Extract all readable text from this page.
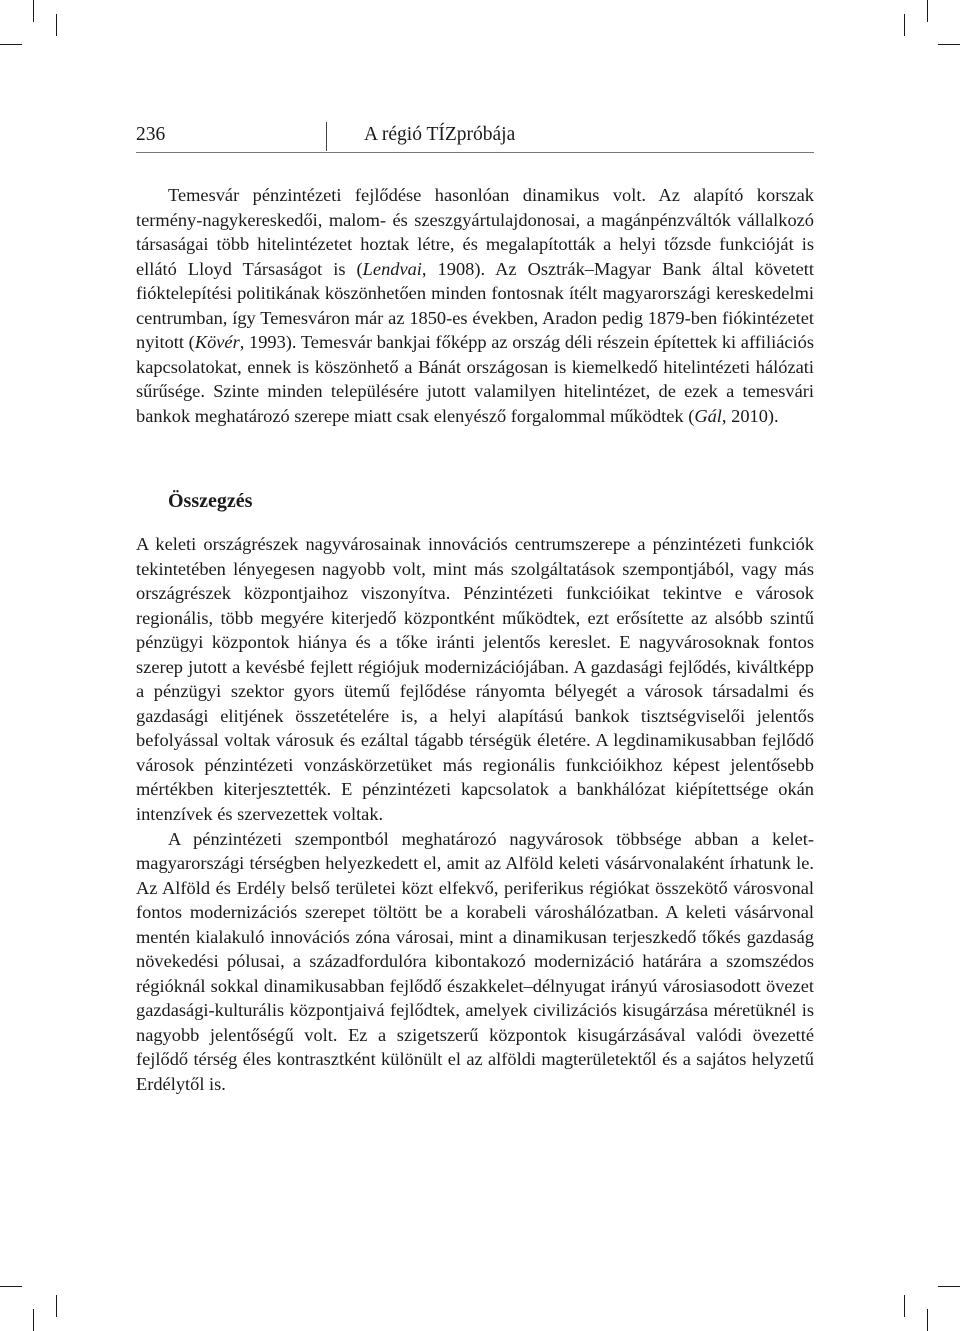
236	A régió TÍZpróbája

Temesvár pénzintézeti fejlődése hasonlóan dinamikus volt. Az alapító korszak termény-nagykereskedői, malom- és szeszgyártulajdonosai, a magánpénzváltók vállalkozó társaságai több hitelintézetet hoztak létre, és megalapították a helyi tőzsde funkcióját is ellátó Lloyd Társaságot is (Lendvai, 1908). Az Osztrák–Magyar Bank által követett fióktelepítési politikának köszönhetően minden fontosnak ítélt magyarországi kereskedelmi centrumban, így Temesváron már az 1850-es években, Aradon pedig 1879-ben fiókintézetet nyitott (Kövér, 1993). Temesvár bankjai főképp az ország déli részein építettek ki affiliációs kapcsolatokat, ennek is köszönhető a Bánát országosan is kiemelkedő hitelintézeti hálózati sűrűsége. Szinte minden településére jutott valamilyen hitelintézet, de ezek a temesvári bankok meghatározó szerepe miatt csak elenyésző forgalommal működtek (Gál, 2010).

Összegzés

A keleti országrészek nagyvárosainak innovációs centrumszerepe a pénzintézeti funkciók tekintetében lényegesen nagyobb volt, mint más szolgáltatások szempontjából, vagy más országrészek központjaihoz viszonyítva. Pénzintézeti funkcióikat tekintve e városok regionális, több megyére kiterjedő központként működtek, ezt erősítette az alsóbb szintű pénzügyi központok hiánya és a tőke iránti jelentős kereslet. E nagyvárosoknak fontos szerep jutott a kevésbé fejlett régiójuk modernizációjában. A gazdasági fejlődés, kiváltképp a pénzügyi szektor gyors ütemű fejlődése rányomta bélyegét a városok társadalmi és gazdasági elitjének összetételére is, a helyi alapítású bankok tisztségviselői jelentős befolyással voltak városuk és ezáltal tágabb térségük életére. A legdinamikusabban fejlődő városok pénzintézeti vonzáskörzetüket más regionális funkcióikhoz képest jelentősebb mértékben kiterjesztették. E pénzintézeti kapcsolatok a bankhálózat kiépítettsége okán intenzívek és szervezettek voltak.

A pénzintézeti szempontból meghatározó nagyvárosok többsége abban a kelet-magyarországi térségben helyezkedett el, amit az Alföld keleti vásárvonalaként írhatunk le. Az Alföld és Erdély belső területei közt elfekvő, periferikus régiókat összekötő városvonal fontos modernizációs szerepet töltött be a korabeli városhálózatban. A keleti vásárvonal mentén kialakuló innovációs zóna városai, mint a dinamikusan terjeszkedő tőkés gazdaság növekedési pólusai, a századfordulóra kibontakozó modernizáció határára a szomszédos régióknál sokkal dinamikusabban fejlődő északkelet–délnyugat irányú városiasodott övezet gazdasági-kulturális központjaivá fejlődtek, amelyek civilizációs kisugárzása méretüknél is nagyobb jelentőségű volt. Ez a szigetszerű központok kisugárzásával valódi övezetté fejlődő térség éles kontrasztként különült el az alföldi magterületektől és a sajátos helyzetű Erdélytől is.
